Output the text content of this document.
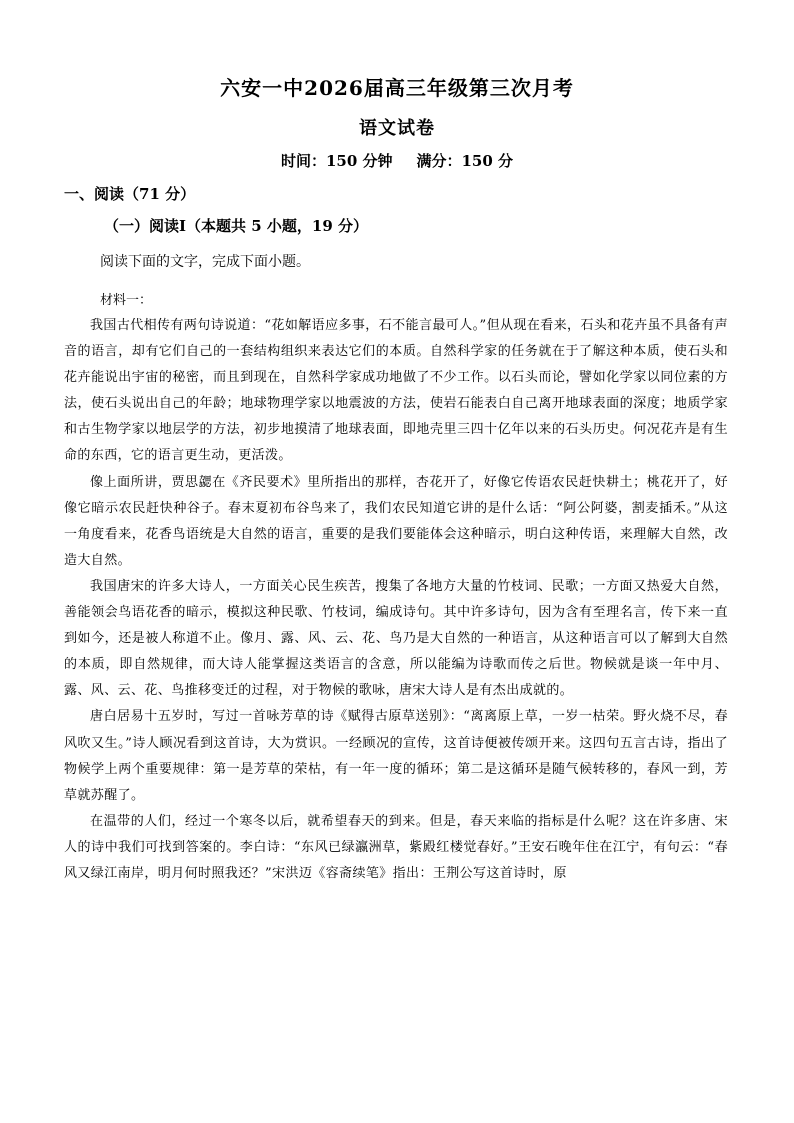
六安一中2026届高三年级第三次月考
语文试卷
时间：150 分钟 满分：150 分
一、阅读（71 分）
（一）阅读Ⅰ（本题共 5 小题，19 分）
阅读下面的文字，完成下面小题。
材料一：

我国古代相传有两句诗说道：“花如解语应多事，石不能言最可人。”但从现在看来，石头和花卉虽不具备有声音的语言，却有它们自己的一套结构组织来表达它们的本质。自然科学家的任务就在于了解这种本质，使石头和花卉能说出宇宙的秘密，而且到现在，自然科学家成功地做了不少工作。以石头而论，譬如化学家以同位素的方法，使石头说出自己的年龄；地球物理学家以地震波的方法，使岩石能表白自己离开地球表面的深度；地质学家和古生物学家以地层学的方法，初步地摸清了地球表面，即地壳里三四十亿年以来的石头历史。何况花卉是有生命的东西，它的语言更生动，更活泼。

像上面所讲，贾思勰在《齐民要术》里所指出的那样，杏花开了，好像它传语农民赶快耕土；桃花开了，好像它暗示农民赶快种谷子。春末夏初布谷鸟来了，我们农民知道它讲的是什么话：“阿公阿婆，割麦插禾。”从这一角度看来，花香鸟语统是大自然的语言，重要的是我们要能体会这种暗示，明白这种传语，来理解大自然，改造大自然。

我国唐宋的许多大诗人，一方面关心民生疾苦，搜集了各地方大量的竹枝词、民歌；一方面又热爱大自然，善能领会鸟语花香的暗示，模拟这种民歌、竹枝词，编成诗句。其中许多诗句，因为含有至理名言，传下来一直到如今，还是被人称道不止。像月、露、风、云、花、鸟乃是大自然的一种语言，从这种语言可以了解到大自然的本质，即自然规律，而大诗人能掌握这类语言的含意，所以能编为诗歌而传之后世。物候就是谈一年中月、露、风、云、花、鸟推移变迁的过程，对于物候的歌咏，唐宋大诗人是有杰出成就的。

唐白居易十五岁时，写过一首咏芳草的诗《赋得古原草送别》：“离离原上草，一岁一枯荣。野火烧不尽，春风吹又生。”诗人顾况看到这首诗，大为赏识。一经顾况的宣传，这首诗便被传颂开来。这四句五言古诗，指出了物候学上两个重要规律：第一是芳草的荣枯，有一年一度的循环；第二是这循环是随气候转移的，春风一到，芳草就苏醒了。

在温带的人们，经过一个寒冬以后，就希望春天的到来。但是，春天来临的指标是什么呢？这在许多唐、宋人的诗中我们可找到答案的。李白诗：“东风已绿瀛洲草，紫殿红楼觉春好。”王安石晚年住在江宁，有句云：“春风又绿江南岸，明月何时照我还？”宋洪迈《容斋续笔》指出：王荆公写这首诗时，原
